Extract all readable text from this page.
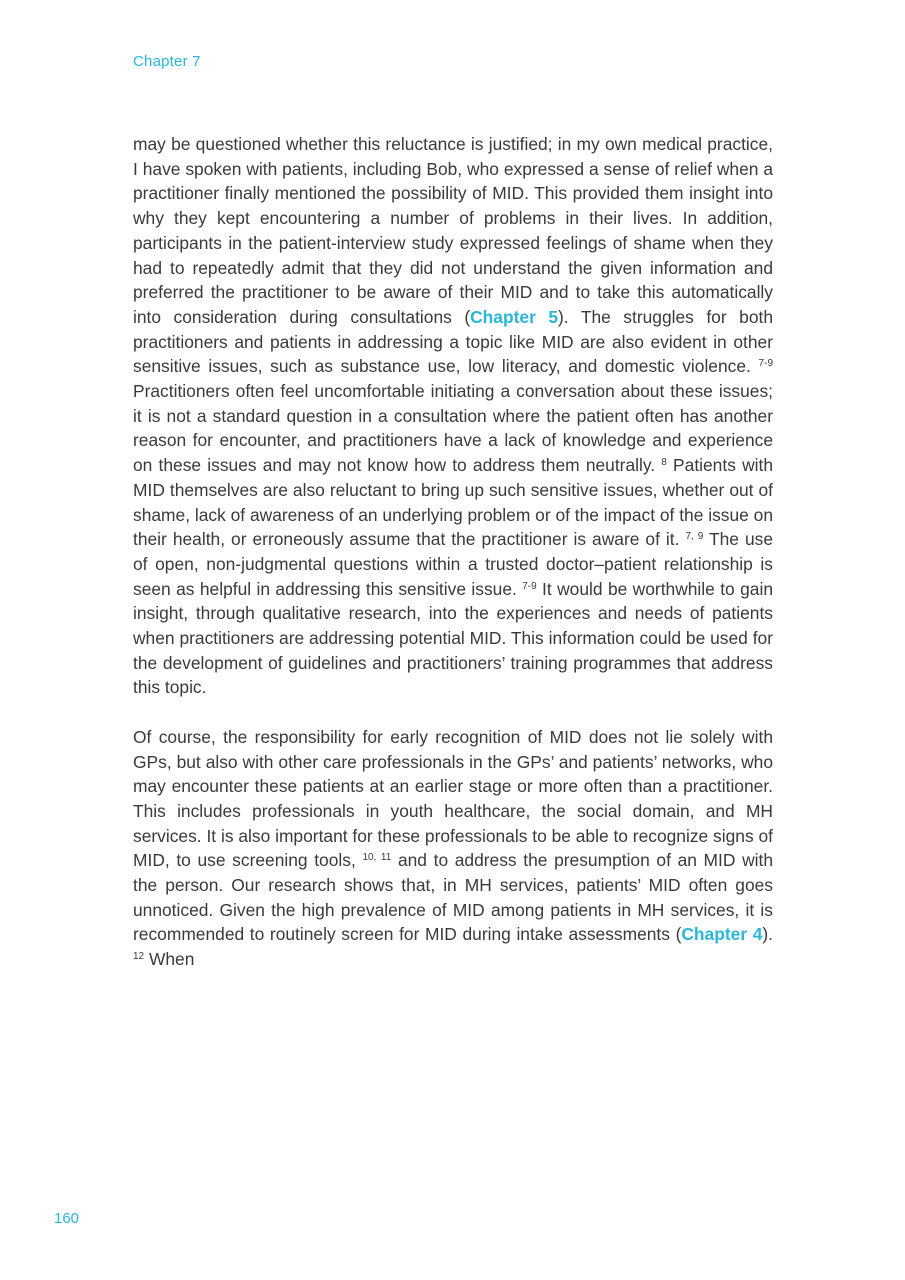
Chapter 7

may be questioned whether this reluctance is justified; in my own medical practice, I have spoken with patients, including Bob, who expressed a sense of relief when a practitioner finally mentioned the possibility of MID. This provided them insight into why they kept encountering a number of problems in their lives. In addition, participants in the patient-interview study expressed feelings of shame when they had to repeatedly admit that they did not understand the given information and preferred the practitioner to be aware of their MID and to take this automatically into consideration during consultations (Chapter 5). The struggles for both practitioners and patients in addressing a topic like MID are also evident in other sensitive issues, such as substance use, low literacy, and domestic violence. $^{7-9}$ Practitioners often feel uncomfortable initiating a conversation about these issues; it is not a standard question in a consultation where the patient often has another reason for encounter, and practitioners have a lack of knowledge and experience on these issues and may not know how to address them neutrally. $^8$ Patients with MID themselves are also reluctant to bring up such sensitive issues, whether out of shame, lack of awareness of an underlying problem or of the impact of the issue on their health, or erroneously assume that the practitioner is aware of it. $^{7, 9}$ The use of open, non-judgmental questions within a trusted doctor–patient relationship is seen as helpful in addressing this sensitive issue. $^{7-9}$ It would be worthwhile to gain insight, through qualitative research, into the experiences and needs of patients when practitioners are addressing potential MID. This information could be used for the development of guidelines and practitioners’ training programmes that address this topic.

Of course, the responsibility for early recognition of MID does not lie solely with GPs, but also with other care professionals in the GPs’ and patients’ networks, who may encounter these patients at an earlier stage or more often than a practitioner. This includes professionals in youth healthcare, the social domain, and MH services. It is also important for these professionals to be able to recognize signs of MID, to use screening tools, $^{10, 11}$ and to address the presumption of an MID with the person. Our research shows that, in MH services, patients’ MID often goes unnoticed. Given the high prevalence of MID among patients in MH services, it is recommended to routinely screen for MID during intake assessments (Chapter 4). $^{12}$ When

160
